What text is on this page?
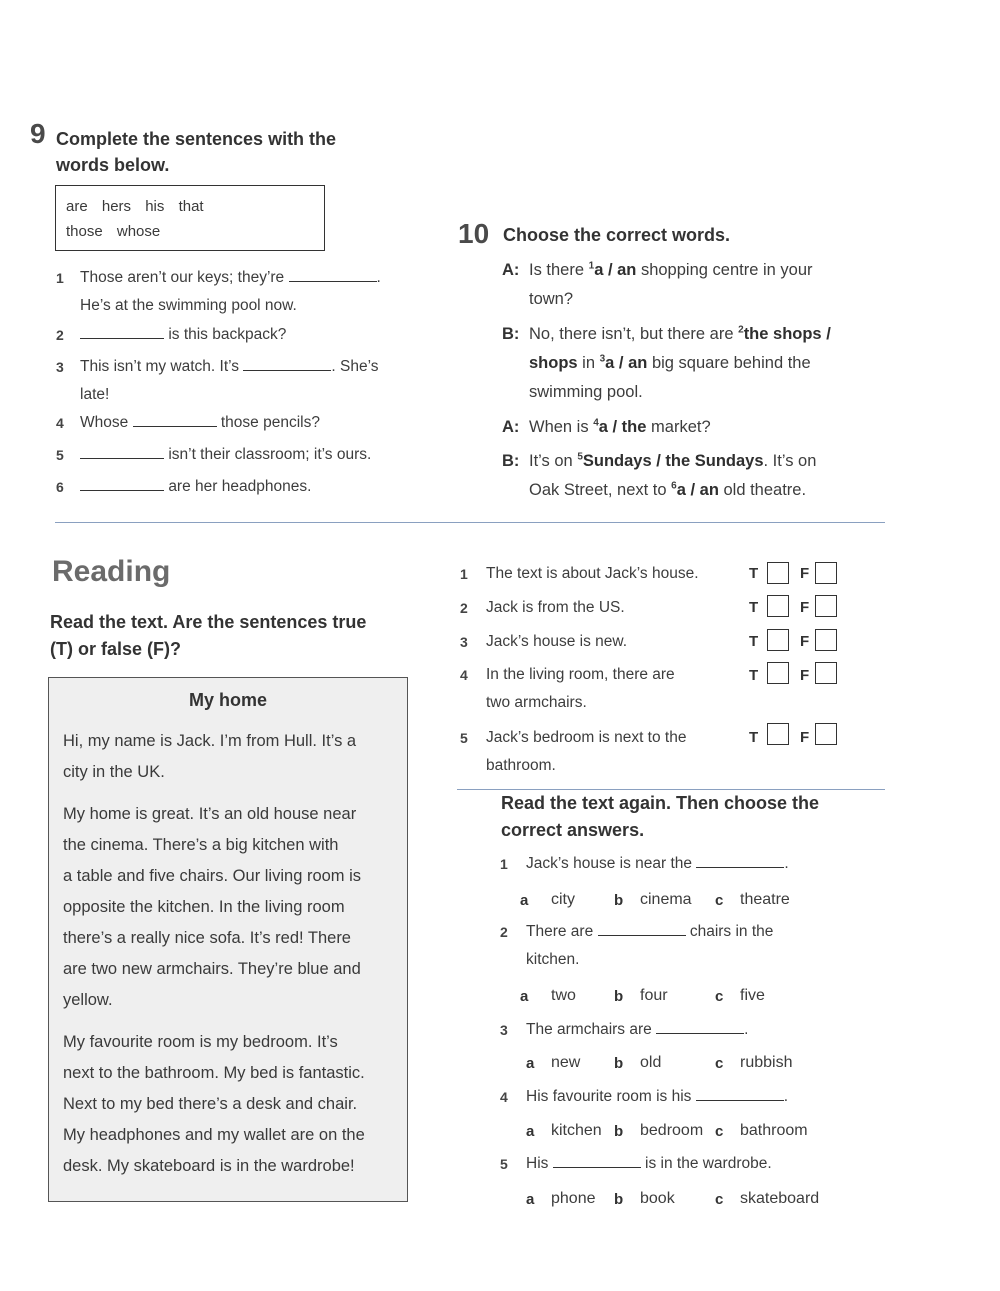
9 Complete the sentences with the
words below.
are hers his that
those whose
1 Those aren’t our keys; they’re	.
He’s at the swimming pool now.
2	is this backpack?
3 This isn’t my watch. It’s	. She’s
late!
4 Whose	those pencils?
5	isn’t their classroom; it’s ours.
6	are her headphones.
10 Choose the correct words.
A: Is there $^1$a / an shopping centre in your
town?
B: No, there isn’t, but there are $^2$the shops /
shops in $^3$a / an big square behind the
swimming pool.
A: When is $^4$a / the market?
B: It’s on $^5$Sundays / the Sundays. It’s on
Oak Street, next to $^6$a / an old theatre.
Reading
Read the text. Are the sentences true
(T) or false (F)?
My home

Hi, my name is Jack. I’m from Hull. It’s a
city in the UK.

My home is great. It’s an old house near
the cinema. There’s a big kitchen with
a table and five chairs. Our living room is
opposite the kitchen. In the living room
there’s a really nice sofa. It’s red! There
are two new armchairs. They’re blue and
yellow.

My favourite room is my bedroom. It’s
next to the bathroom. My bed is fantastic.
Next to my bed there’s a desk and chair.
My headphones and my wallet are on the
desk. My skateboard is in the wardrobe!

1 The text is about Jack’s house.	T	F
2 Jack is from the US.	T	F
3 Jack’s house is new.	T	F
4 In the living room, there are
two armchairs.
T	F
5 Jack’s bedroom is next to the
bathroom.
T	F
Read the text again. Then choose the
correct answers.
1 Jack’s house is near the	.
a city	b cinema c theatre
2 There are	chairs in the
kitchen.
a two	b four	c five
3 The armchairs are	.
a new b old	c rubbish
4 His favourite room is his	.
a kitchen b bedroom c bathroom
5 His	is in the wardrobe.
a phone b book	c skateboard
